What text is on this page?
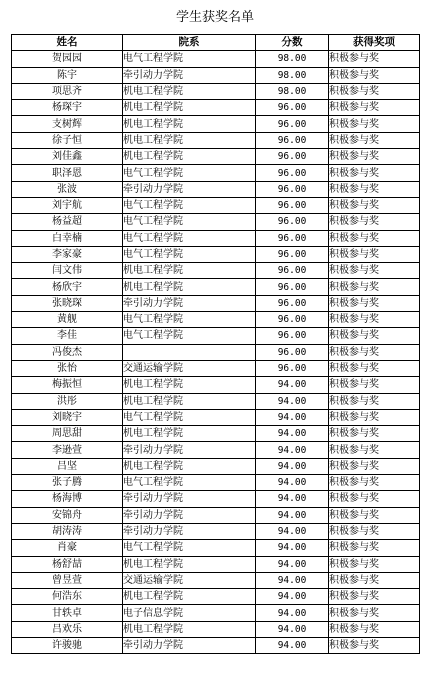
学生获奖名单
姓名	院系	分数	获得奖项
贺园园	电气工程学院	98.00	积极参与奖
陈宇	牵引动力学院	98.00	积极参与奖
项思齐	机电工程学院	98.00	积极参与奖
杨琛宇	机电工程学院	96.00	积极参与奖
支树辉	机电工程学院	96.00	积极参与奖
徐子恒	机电工程学院	96.00	积极参与奖
刘佳鑫	机电工程学院	96.00	积极参与奖
职泽恩	电气工程学院	96.00	积极参与奖
张波	牵引动力学院	96.00	积极参与奖
刘宇航	电气工程学院	96.00	积极参与奖
杨益超	电气工程学院	96.00	积极参与奖
白幸楠	电气工程学院	96.00	积极参与奖
李家豪	电气工程学院	96.00	积极参与奖
闫文伟	机电工程学院	96.00	积极参与奖
杨欣宇	机电工程学院	96.00	积极参与奖
张晓琛	牵引动力学院	96.00	积极参与奖
黄舰	电气工程学院	96.00	积极参与奖
李佳	电气工程学院	96.00	积极参与奖
冯俊杰		96.00	积极参与奖
张怡	交通运输学院	96.00	积极参与奖
梅振恒	机电工程学院	94.00	积极参与奖
洪彤	机电工程学院	94.00	积极参与奖
刘晓宇	电气工程学院	94.00	积极参与奖
周思甜	机电工程学院	94.00	积极参与奖
李逊萱	牵引动力学院	94.00	积极参与奖
吕坚	机电工程学院	94.00	积极参与奖
张子腾	电气工程学院	94.00	积极参与奖
杨海博	牵引动力学院	94.00	积极参与奖
安锦舟	牵引动力学院	94.00	积极参与奖
胡涛涛	牵引动力学院	94.00	积极参与奖
肖豪	电气工程学院	94.00	积极参与奖
杨舒喆	机电工程学院	94.00	积极参与奖
曾昱萱	交通运输学院	94.00	积极参与奖
何浩东	机电工程学院	94.00	积极参与奖
甘轶卓	电子信息学院	94.00	积极参与奖
吕欢乐	机电工程学院	94.00	积极参与奖
许骏驰	牵引动力学院	94.00	积极参与奖
